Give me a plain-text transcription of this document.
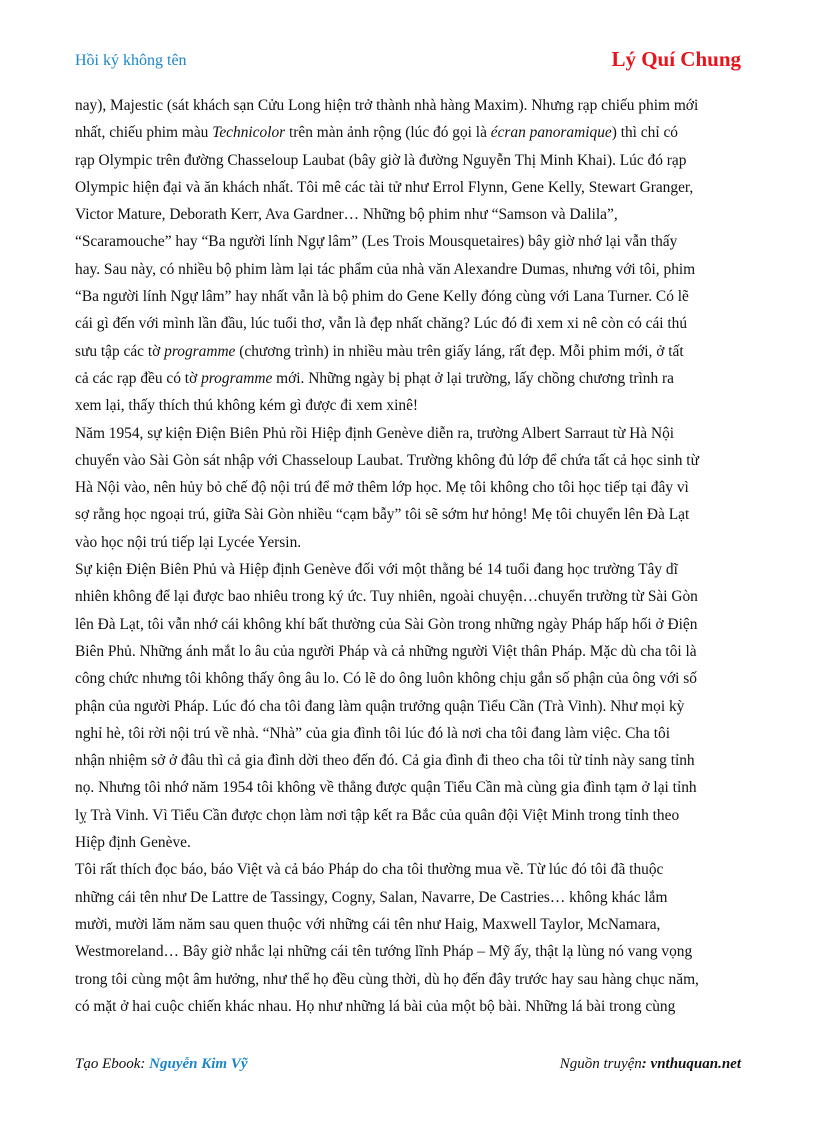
Hồi ký không tên	Lý Quí Chung
nay), Majestic (sát khách sạn Cửu Long hiện trở thành nhà hàng Maxim). Nhưng rạp chiếu phim mới
nhất, chiếu phim màu Technicolor trên màn ảnh rộng (lúc đó gọi là écran panoramique) thì chỉ có
rạp Olympic trên đường Chasseloup Laubat (bây giờ là đường Nguyễn Thị Minh Khai). Lúc đó rạp
Olympic hiện đại và ăn khách nhất. Tôi mê các tài tử như Errol Flynn, Gene Kelly, Stewart Granger,
Victor Mature, Deborath Kerr, Ava Gardner… Những bộ phim như “Samson và Dalila”,
“Scaramouche” hay “Ba người lính Ngự lâm” (Les Trois Mousquetaires) bây giờ nhớ lại vẫn thấy
hay. Sau này, có nhiều bộ phim làm lại tác phẩm của nhà văn Alexandre Dumas, nhưng với tôi, phim
“Ba người lính Ngự lâm” hay nhất vẫn là bộ phim do Gene Kelly đóng cùng với Lana Turner. Có lẽ
cái gì đến với mình lần đầu, lúc tuổi thơ, vẫn là đẹp nhất chăng? Lúc đó đi xem xi nê còn có cái thú
sưu tập các tờ programme (chương trình) in nhiều màu trên giấy láng, rất đẹp. Mỗi phim mới, ở tất
cả các rạp đều có tờ programme mới. Những ngày bị phạt ở lại trường, lấy chồng chương trình ra
xem lại, thấy thích thú không kém gì được đi xem xinê!
Năm 1954, sự kiện Điện Biên Phủ rồi Hiệp định Genève diễn ra, trường Albert Sarraut từ Hà Nội
chuyển vào Sài Gòn sát nhập với Chasseloup Laubat. Trường không đủ lớp để chứa tất cả học sinh từ
Hà Nội vào, nên hủy bỏ chế độ nội trú để mở thêm lớp học. Mẹ tôi không cho tôi học tiếp tại đây vì
sợ rằng học ngoại trú, giữa Sài Gòn nhiều “cạm bẫy” tôi sẽ sớm hư hỏng! Mẹ tôi chuyển lên Đà Lạt
vào học nội trú tiếp lại Lycée Yersin.
Sự kiện Điện Biên Phủ và Hiệp định Genève đối với một thằng bé 14 tuổi đang học trường Tây dĩ
nhiên không để lại được bao nhiêu trong ký ức. Tuy nhiên, ngoài chuyện…chuyển trường từ Sài Gòn
lên Đà Lạt, tôi vẫn nhớ cái không khí bất thường của Sài Gòn trong những ngày Pháp hấp hối ở Điện
Biên Phủ. Những ánh mắt lo âu của người Pháp và cả những người Việt thân Pháp. Mặc dù cha tôi là
công chức nhưng tôi không thấy ông âu lo. Có lẽ do ông luôn không chịu gắn số phận của ông với số
phận của người Pháp. Lúc đó cha tôi đang làm quận trưởng quận Tiểu Cần (Trà Vinh). Như mọi kỳ
nghỉ hè, tôi rời nội trú về nhà. “Nhà” của gia đình tôi lúc đó là nơi cha tôi đang làm việc. Cha tôi
nhận nhiệm sở ở đâu thì cả gia đình dời theo đến đó. Cả gia đình đi theo cha tôi từ tỉnh này sang tỉnh
nọ. Nhưng tôi nhớ năm 1954 tôi không về thẳng được quận Tiểu Cần mà cùng gia đình tạm ở lại tỉnh
lỵ Trà Vinh. Vì Tiểu Cần được chọn làm nơi tập kết ra Bắc của quân đội Việt Minh trong tỉnh theo
Hiệp định Genève.
Tôi rất thích đọc báo, báo Việt và cả báo Pháp do cha tôi thường mua về. Từ lúc đó tôi đã thuộc
những cái tên như De Lattre de Tassingy, Cogny, Salan, Navarre, De Castries… không khác lắm
mười, mười lăm năm sau quen thuộc với những cái tên như Haig, Maxwell Taylor, McNamara,
Westmoreland… Bây giờ nhắc lại những cái tên tướng lĩnh Pháp – Mỹ ấy, thật lạ lùng nó vang vọng
trong tôi cùng một âm hưởng, như thể họ đều cùng thời, dù họ đến đây trước hay sau hàng chục năm,
có mặt ở hai cuộc chiến khác nhau. Họ như những lá bài của một bộ bài. Những lá bài trong cùng
Tạo Ebook: Nguyễn Kim Vỹ	Nguồn truyện: vnthuquan.net
